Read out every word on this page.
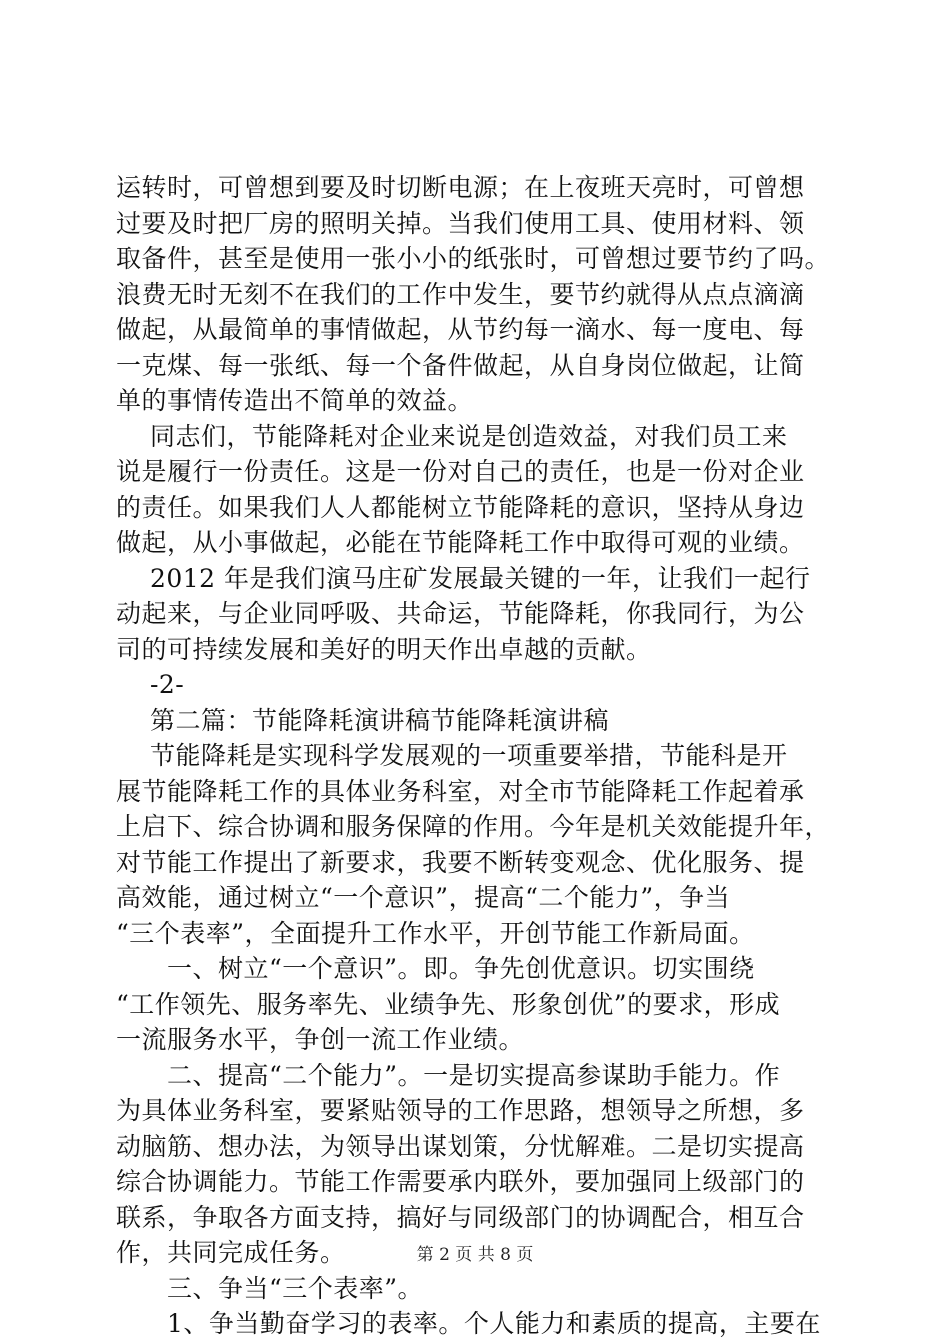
运转时，可曾想到要及时切断电源；在上夜班天亮时，可曾想
过要及时把厂房的照明关掉。当我们使用工具、使用材料、领
取备件，甚至是使用一张小小的纸张时，可曾想过要节约了吗。
浪费无时无刻不在我们的工作中发生，要节约就得从点点滴滴
做起，从最简单的事情做起，从节约每一滴水、每一度电、每
一克煤、每一张纸、每一个备件做起，从自身岗位做起，让简
单的事情传造出不简单的效益。
　 同志们，节能降耗对企业来说是创造效益，对我们员工来
说是履行一份责任。这是一份对自己的责任，也是一份对企业
的责任。如果我们人人都能树立节能降耗的意识，坚持从身边
做起，从小事做起，必能在节能降耗工作中取得可观的业绩。
　 2012 年是我们演马庄矿发展最关键的一年，让我们一起行
动起来，与企业同呼吸、共命运，节能降耗，你我同行，为公
司的可持续发展和美好的明天作出卓越的贡献。
　 -2-
　 第二篇：节能降耗演讲稿节能降耗演讲稿
　 节能降耗是实现科学发展观的一项重要举措，节能科是开
展节能降耗工作的具体业务科室，对全市节能降耗工作起着承
上启下、综合协调和服务保障的作用。今年是机关效能提升年，
对节能工作提出了新要求，我要不断转变观念、优化服务、提
高效能，通过树立“一个意识”，提高“二个能力”，争当
“三个表率”，全面提升工作水平，开创节能工作新局面。
　　一、树立“一个意识”。即。争先创优意识。切实围绕
“工作领先、服务率先、业绩争先、形象创优”的要求，形成
一流服务水平，争创一流工作业绩。
　　二、提高“二个能力”。一是切实提高参谋助手能力。作
为具体业务科室，要紧贴领导的工作思路，想领导之所想，多
动脑筋、想办法，为领导出谋划策，分忧解难。二是切实提高
综合协调能力。节能工作需要承内联外，要加强同上级部门的
联系，争取各方面支持，搞好与同级部门的协调配合，相互合
作，共同完成任务。
　　三、争当“三个表率”。
　　1、争当勤奋学习的表率。个人能力和素质的提高，主要在
第 2 页 共 8 页
